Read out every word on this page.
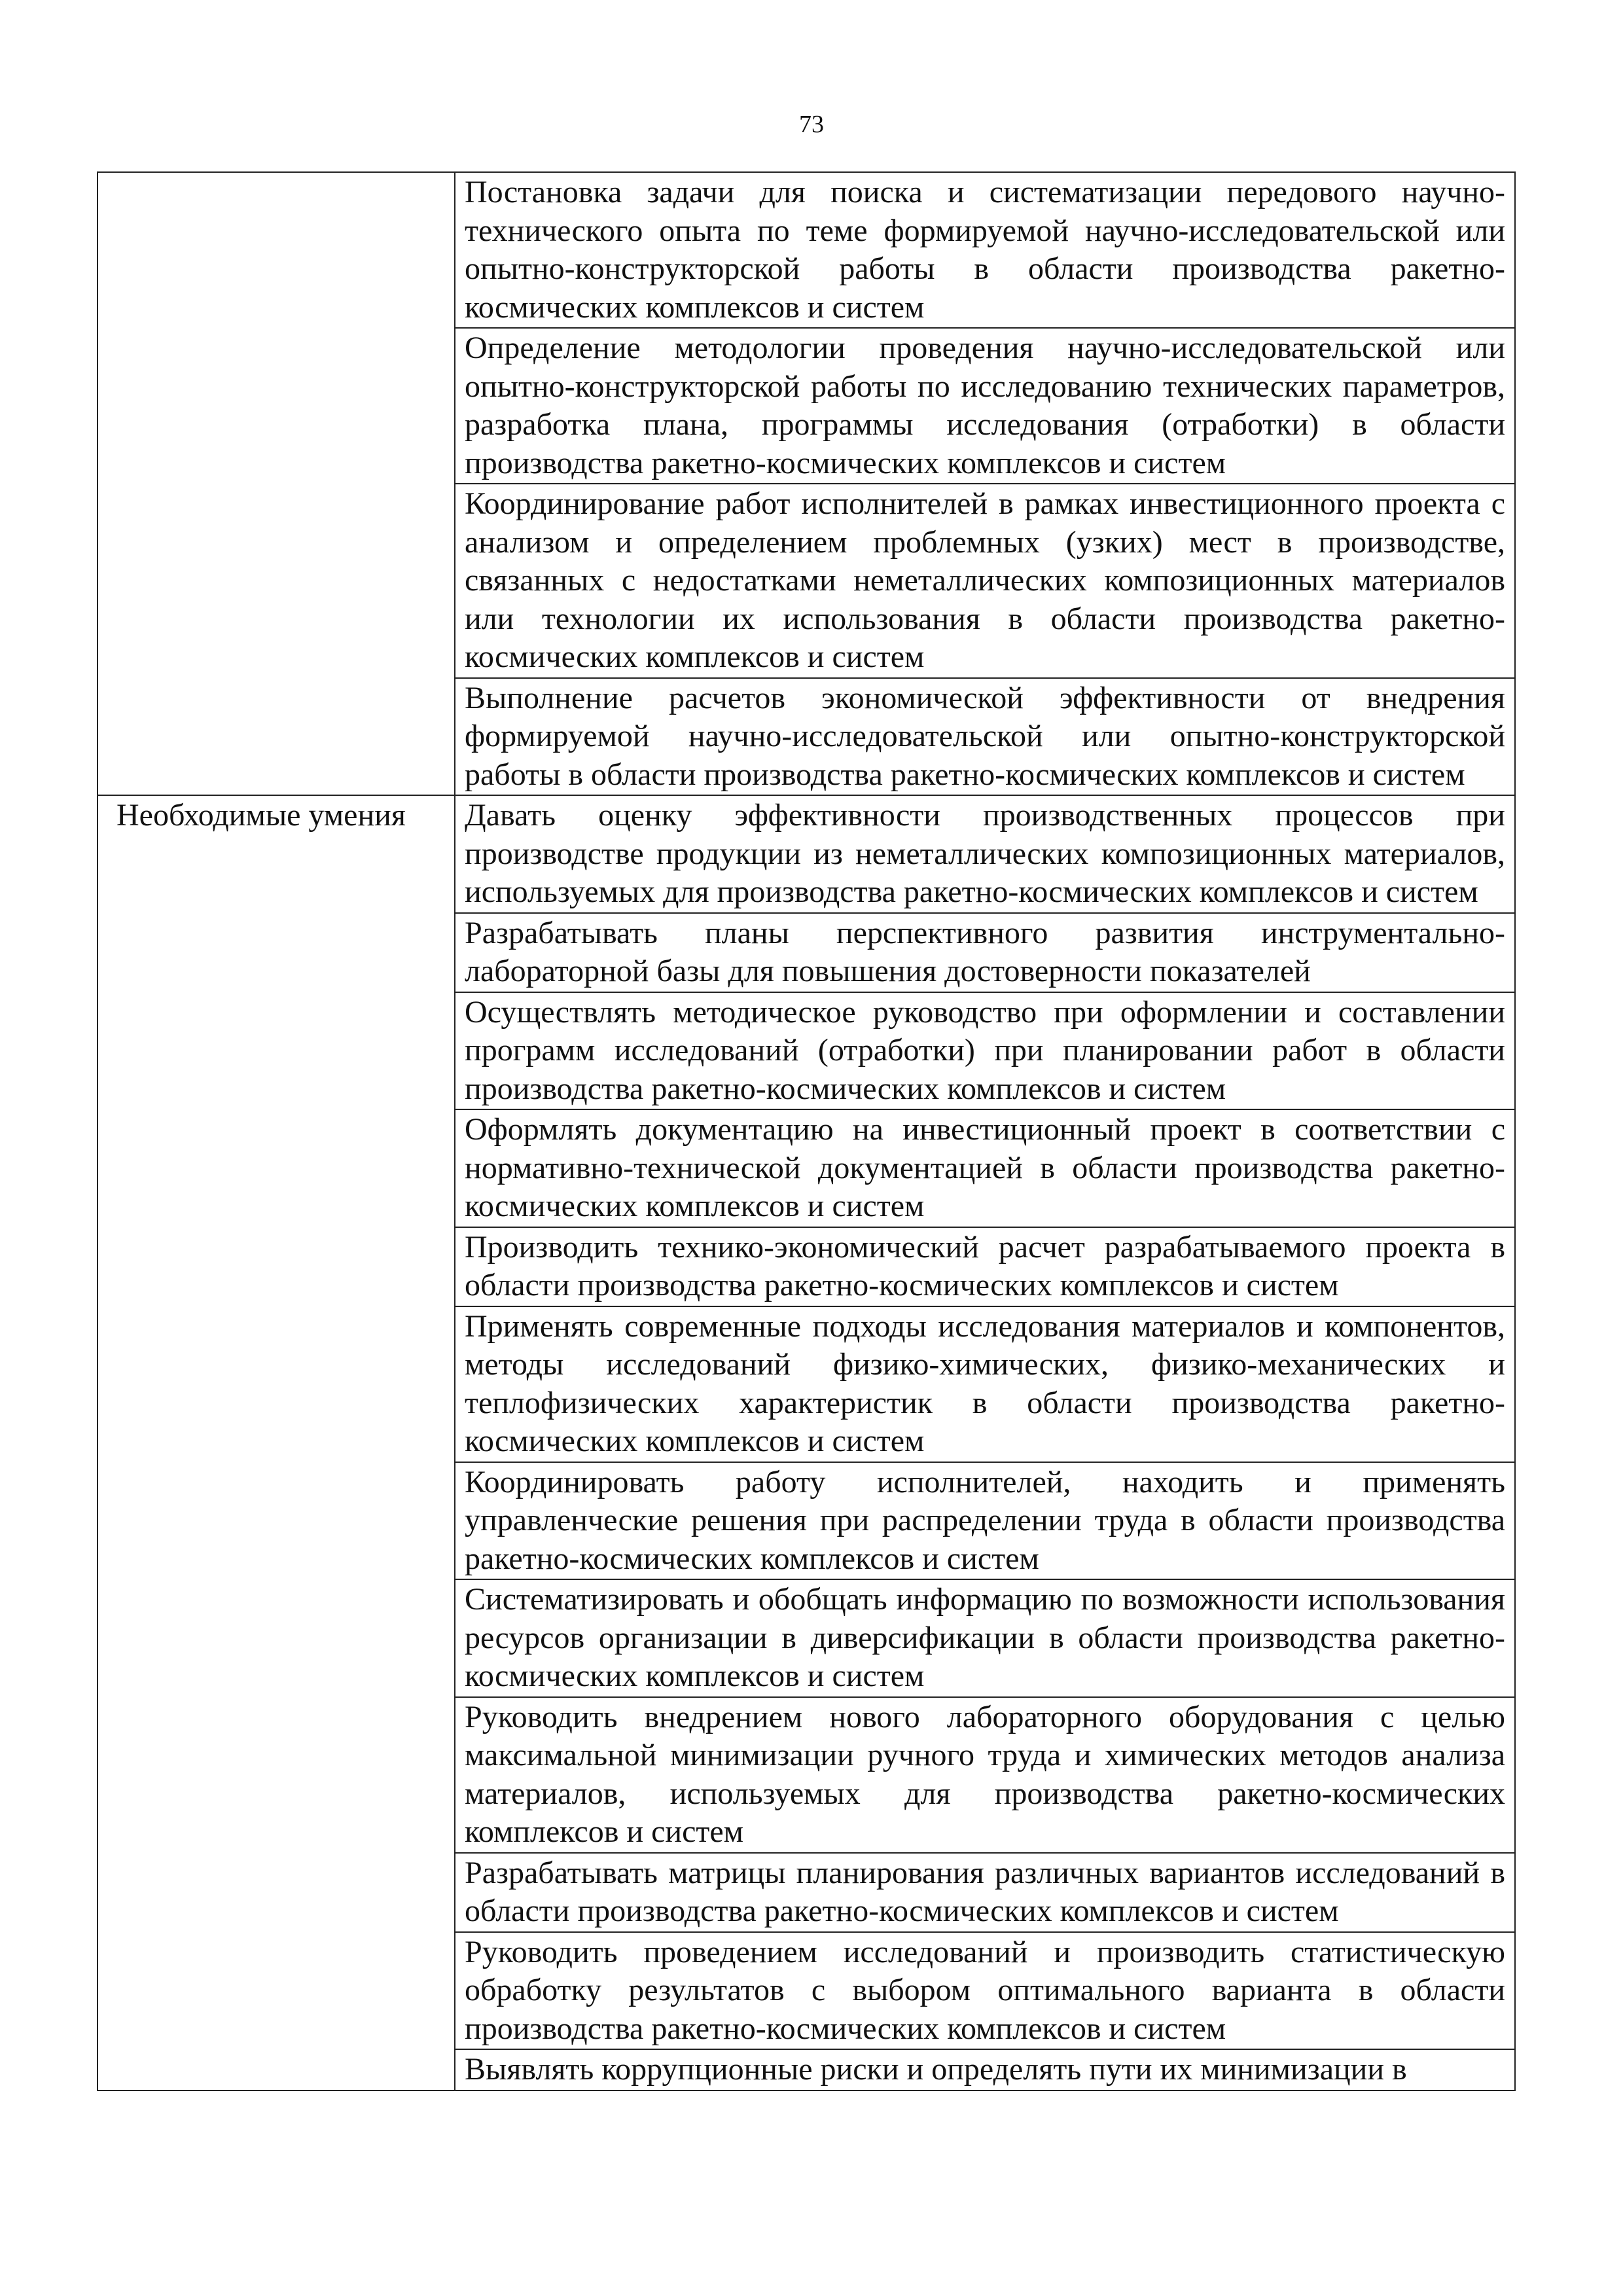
73
	Постановка задачи для поиска и систематизации передового научно-технического опыта по теме формируемой научно-исследовательской или опытно-конструкторской работы в области производства ракетно-космических комплексов и систем
	Определение методологии проведения научно-исследовательской или опытно-конструкторской работы по исследованию технических параметров, разработка плана, программы исследования (отработки) в области производства ракетно-космических комплексов и систем
	Координирование работ исполнителей в рамках инвестиционного проекта с анализом и определением проблемных (узких) мест в производстве, связанных с недостатками неметаллических композиционных материалов или технологии их использования в области производства ракетно-космических комплексов и систем
	Выполнение расчетов экономической эффективности от внедрения формируемой научно-исследовательской или опытно-конструкторской работы в области производства ракетно-космических комплексов и систем

Необходимые умения	Давать оценку эффективности производственных процессов при производстве продукции из неметаллических композиционных материалов, используемых для производства ракетно-космических комплексов и систем
	Разрабатывать планы перспективного развития инструментально-лабораторной базы для повышения достоверности показателей
	Осуществлять методическое руководство при оформлении и составлении программ исследований (отработки) при планировании работ в области производства ракетно-космических комплексов и систем
	Оформлять документацию на инвестиционный проект в соответствии с нормативно-технической документацией в области производства ракетно-космических комплексов и систем
	Производить технико-экономический расчет разрабатываемого проекта в области производства ракетно-космических комплексов и систем
	Применять современные подходы исследования материалов и компонентов, методы исследований физико-химических, физико-механических и теплофизических характеристик в области производства ракетно-космических комплексов и систем
	Координировать работу исполнителей, находить и применять управленческие решения при распределении труда в области производства ракетно-космических комплексов и систем
	Систематизировать и обобщать информацию по возможности использования ресурсов организации в диверсификации в области производства ракетно-космических комплексов и систем
	Руководить внедрением нового лабораторного оборудования с целью максимальной минимизации ручного труда и химических методов анализа материалов, используемых для производства ракетно-космических комплексов и систем
	Разрабатывать матрицы планирования различных вариантов исследований в области производства ракетно-космических комплексов и систем
	Руководить проведением исследований и производить статистическую обработку результатов с выбором оптимального варианта в области производства ракетно-космических комплексов и систем
	Выявлять коррупционные риски и определять пути их минимизации в
